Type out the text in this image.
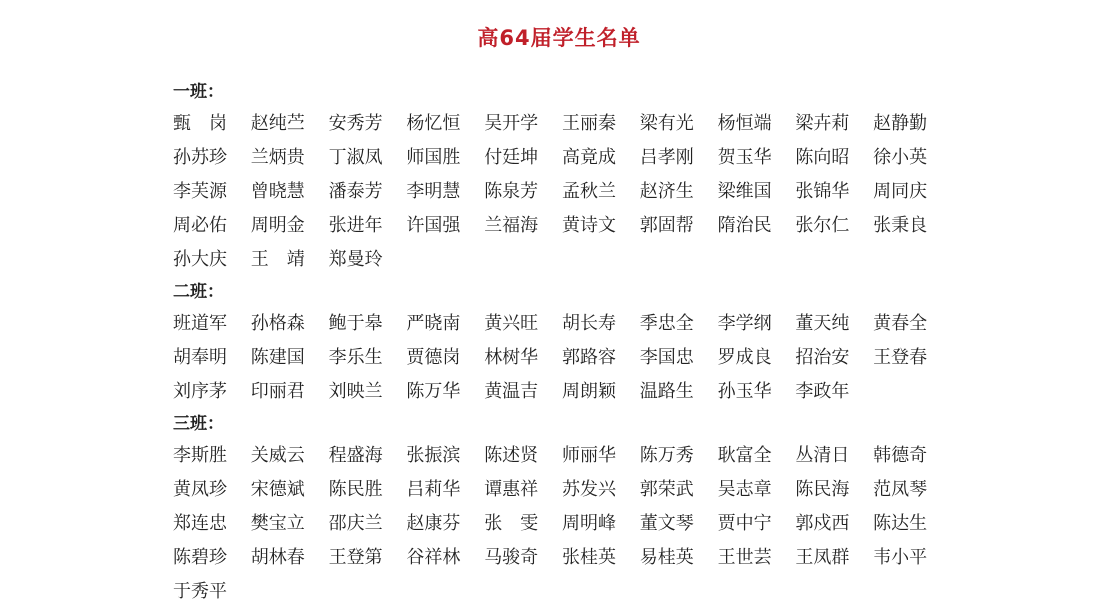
高64届学生名单
一班：
甄　岗	赵纯苎	安秀芳	杨忆恒	吴开学	王丽秦	梁有光	杨恒端	梁卉莉	赵静勤
孙苏珍	兰炳贵	丁淑凤	师国胜	付廷坤	高竟成	吕孝刚	贺玉华	陈向昭	徐小英
李芙源	曾晓慧	潘泰芳	李明慧	陈泉芳	孟秋兰	赵济生	梁维国	张锦华	周同庆
周必佑	周明金	张进年	许国强	兰福海	黄诗文	郭固帮	隋治民	张尔仁	张秉良
孙大庆	王　靖	郑曼玲
二班：
班道军	孙格森	鲍于皋	严晓南	黄兴旺	胡长寿	季忠全	李学纲	董天纯	黄春全
胡奉明	陈建国	李乐生	贾德岗	林树华	郭路容	李国忠	罗成良	招治安	王登春
刘序茅	印丽君	刘映兰	陈万华	黄温吉	周朗颖	温路生	孙玉华	李政年
三班：
李斯胜	关威云	程盛海	张振滨	陈述贤	师丽华	陈万秀	耿富全	丛清日	韩德奇
黄凤珍	宋德斌	陈民胜	吕莉华	谭惠祥	苏发兴	郭荣武	吴志章	陈民海	范凤琴
郑连忠	樊宝立	邵庆兰	赵康芬	张　雯	周明峰	董文琴	贾中宁	郭戍西	陈达生
陈碧珍	胡林春	王登第	谷祥林	马骏奇	张桂英	易桂英	王世芸	王凤群	韦小平
于秀平
